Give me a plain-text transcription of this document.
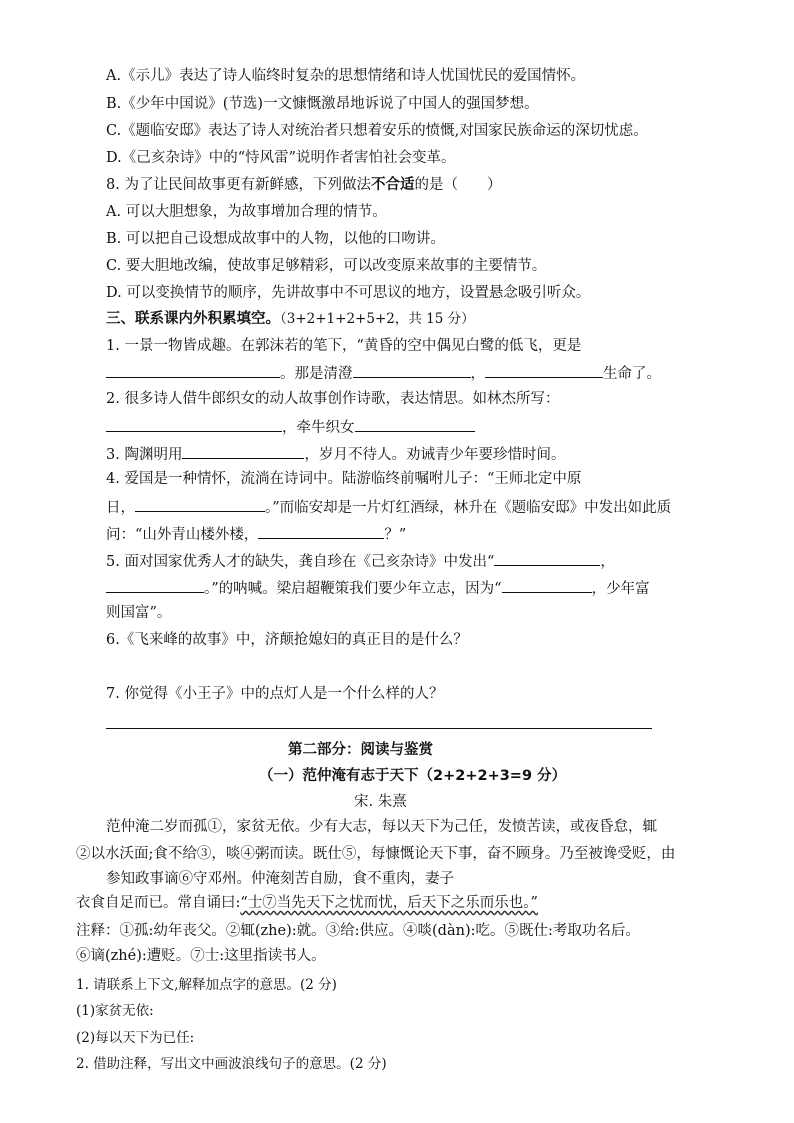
A.《示儿》表达了诗人临终时复杂的思想情绪和诗人忧国忧民的爱国情怀。
B.《少年中国说》(节选)一文慷慨激昂地诉说了中国人的强国梦想。
C.《题临安邸》表达了诗人对统治者只想着安乐的愤慨,对国家民族命运的深切忧虑。
D.《己亥杂诗》中的“恃风雷”说明作者害怕社会变革。
8. 为了让民间故事更有新鲜感，下列做法不合适的是（　　）
A. 可以大胆想象，为故事增加合理的情节。
B. 可以把自己设想成故事中的人物，以他的口吻讲。
C. 要大胆地改编，使故事足够精彩，可以改变原来故事的主要情节。
D. 可以变换情节的顺序，先讲故事中不可思议的地方，设置悬念吸引听众。
三、联系课内外积累填空。（3+2+1+2+5+2，共 15 分）
1. 一景一物皆成趣。在郭沫若的笔下，“黄昏的空中偶见白鹭的低飞，更是
。那是清澄	，	生命了。
2. 很多诗人借牛郎织女的动人故事创作诗歌，表达情思。如林杰所写：
，牵牛织女
3. 陶渊明用	，岁月不待人。劝诫青少年要珍惜时间。
4. 爱国是一种情怀，流淌在诗词中。陆游临终前嘱咐儿子：“王师北定中原
日，	。”而临安却是一片灯红酒绿，林升在《题临安邸》中发出如此质
问：“山外青山楼外楼，	？”
5. 面对国家优秀人才的缺失，龚自珍在《己亥杂诗》中发出“	，
。”的呐喊。梁启超鞭策我们要少年立志，因为“	，少年富
则国富”。
6.《飞来峰的故事》中，济颠抢媳妇的真正目的是什么？
7. 你觉得《小王子》中的点灯人是一个什么样的人？
第二部分：阅读与鉴赏
（一）范仲淹有志于天下（2+2+2+3=9 分）
宋. 朱熹
范仲淹二岁而孤①，家贫无依。少有大志，每以天下为己任，发愤苦读，或夜昏怠，辄
②以水沃面;食不给③，啖④粥而读。既仕⑤，每慷慨论天下事，奋不顾身。乃至被谗受贬，由
参知政事谪⑥守邓州。仲淹刻苦自励，食不重肉，妻子
衣食自足而已。常自诵曰:“士⑦当先天下之忧而忧，后天下之乐而乐也。”
注释：①孤:幼年丧父。②辄(zhe):就。③给:供应。④啖(dàn):吃。⑤既仕:考取功名后。
⑥谪(zhé):遭贬。⑦士:这里指读书人。
1. 请联系上下文,解释加点字的意思。(2 分)
(1)家贫无依:
(2)每以天下为已任:
2. 借助注释，写出文中画波浪线句子的意思。(2 分)
